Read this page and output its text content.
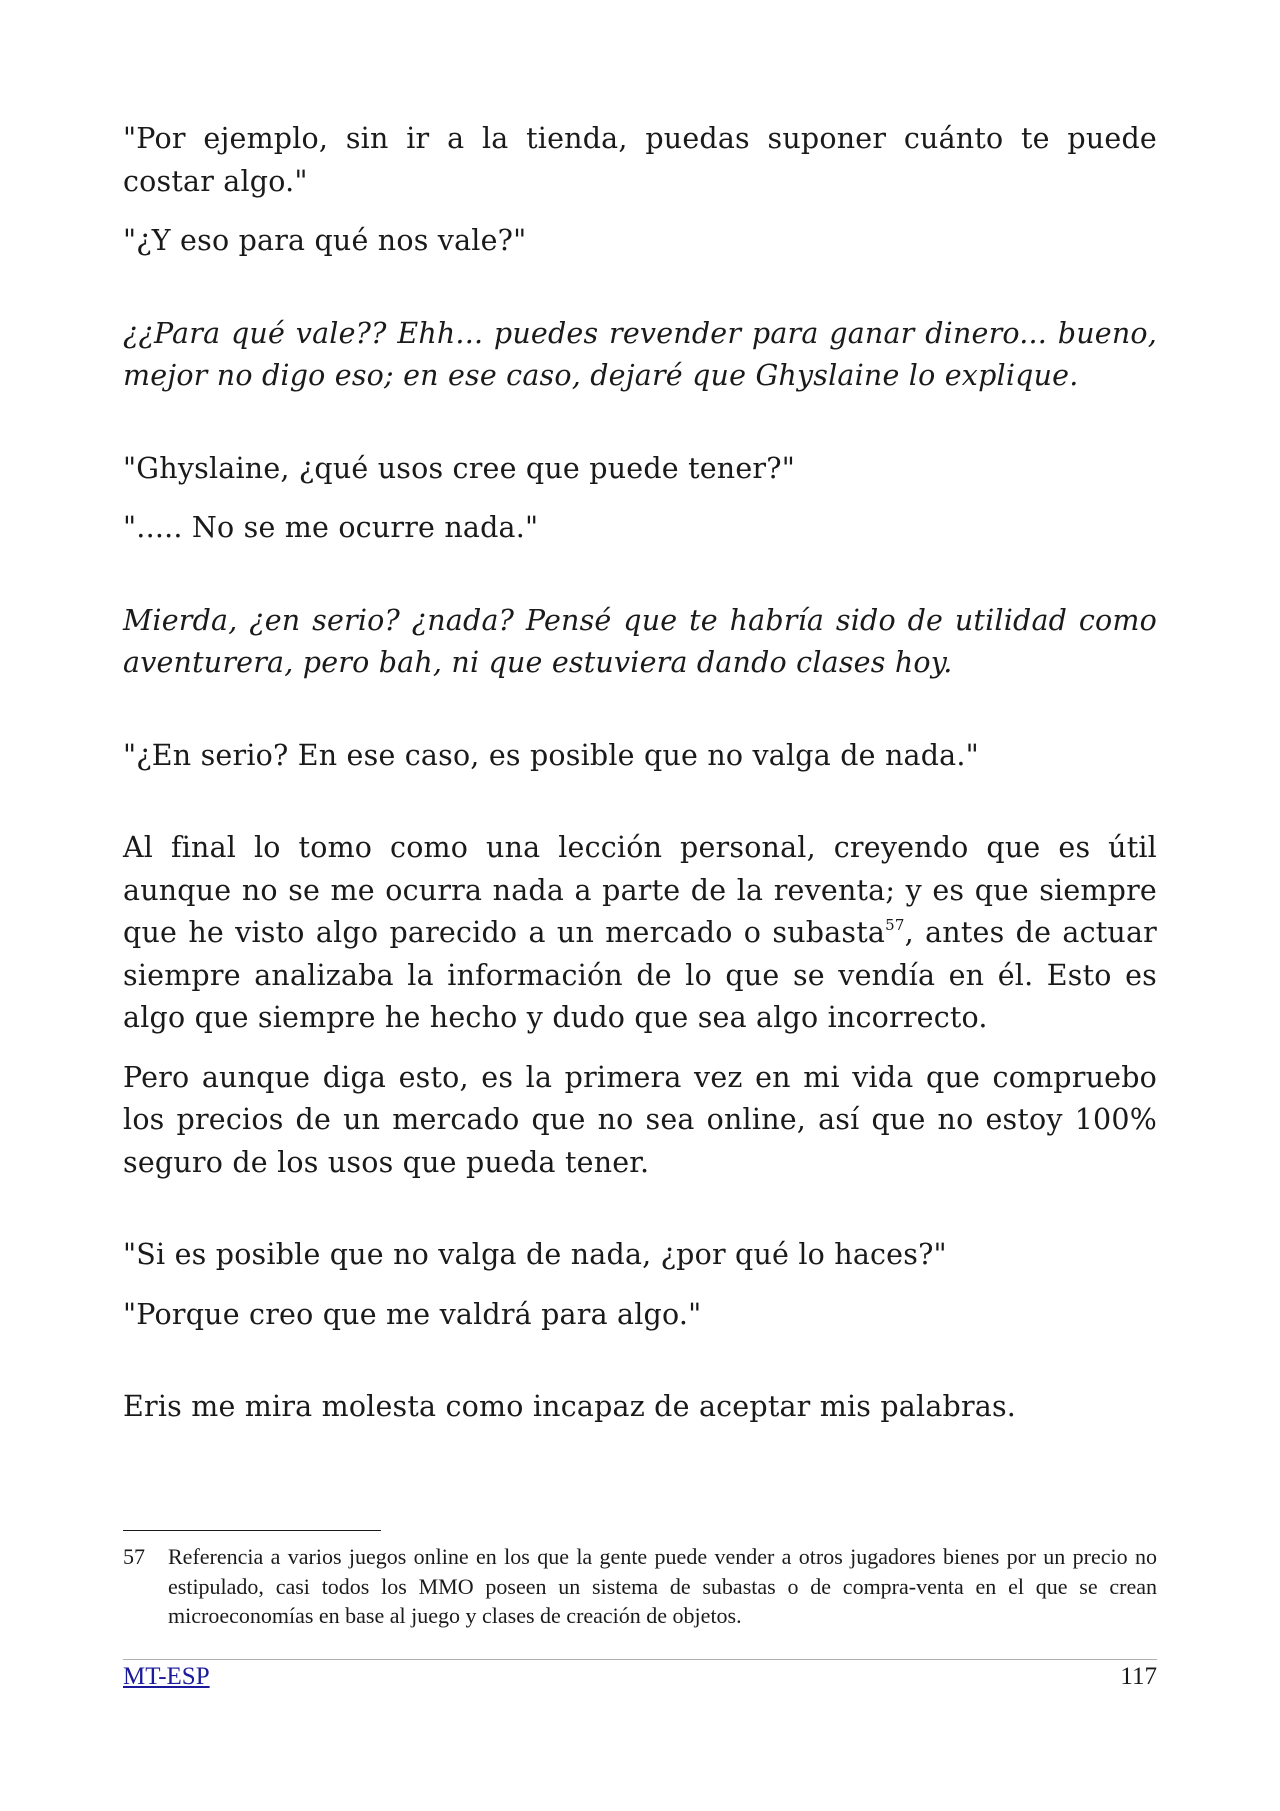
"Por ejemplo, sin ir a la tienda, puedas suponer cuánto te puede costar algo."

"¿Y eso para qué nos vale?"

¿¿Para qué vale?? Ehh... puedes revender para ganar dinero... bueno, mejor no digo eso; en ese caso, dejaré que Ghyslaine lo explique.

"Ghyslaine, ¿qué usos cree que puede tener?"

"..... No se me ocurre nada."

Mierda, ¿en serio? ¿nada? Pensé que te habría sido de utilidad como aventurera, pero bah, ni que estuviera dando clases hoy.

"¿En serio? En ese caso, es posible que no valga de nada."

Al final lo tomo como una lección personal, creyendo que es útil aunque no se me ocurra nada a parte de la reventa; y es que siempre que he visto algo parecido a un mercado o subasta$^{57}$, antes de actuar siempre analizaba la información de lo que se vendía en él. Esto es algo que siempre he hecho y dudo que sea algo incorrecto.

Pero aunque diga esto, es la primera vez en mi vida que compruebo los precios de un mercado que no sea online, así que no estoy 100% seguro de los usos que pueda tener.

"Si es posible que no valga de nada, ¿por qué lo haces?"

"Porque creo que me valdrá para algo."

Eris me mira molesta como incapaz de aceptar mis palabras.

57	Referencia a varios juegos online en los que la gente puede vender a otros jugadores bienes por un precio no estipulado, casi todos los MMO poseen un sistema de subastas o de compra-venta en el que se crean microeconomías en base al juego y clases de creación de objetos.
MT-ESP	117
